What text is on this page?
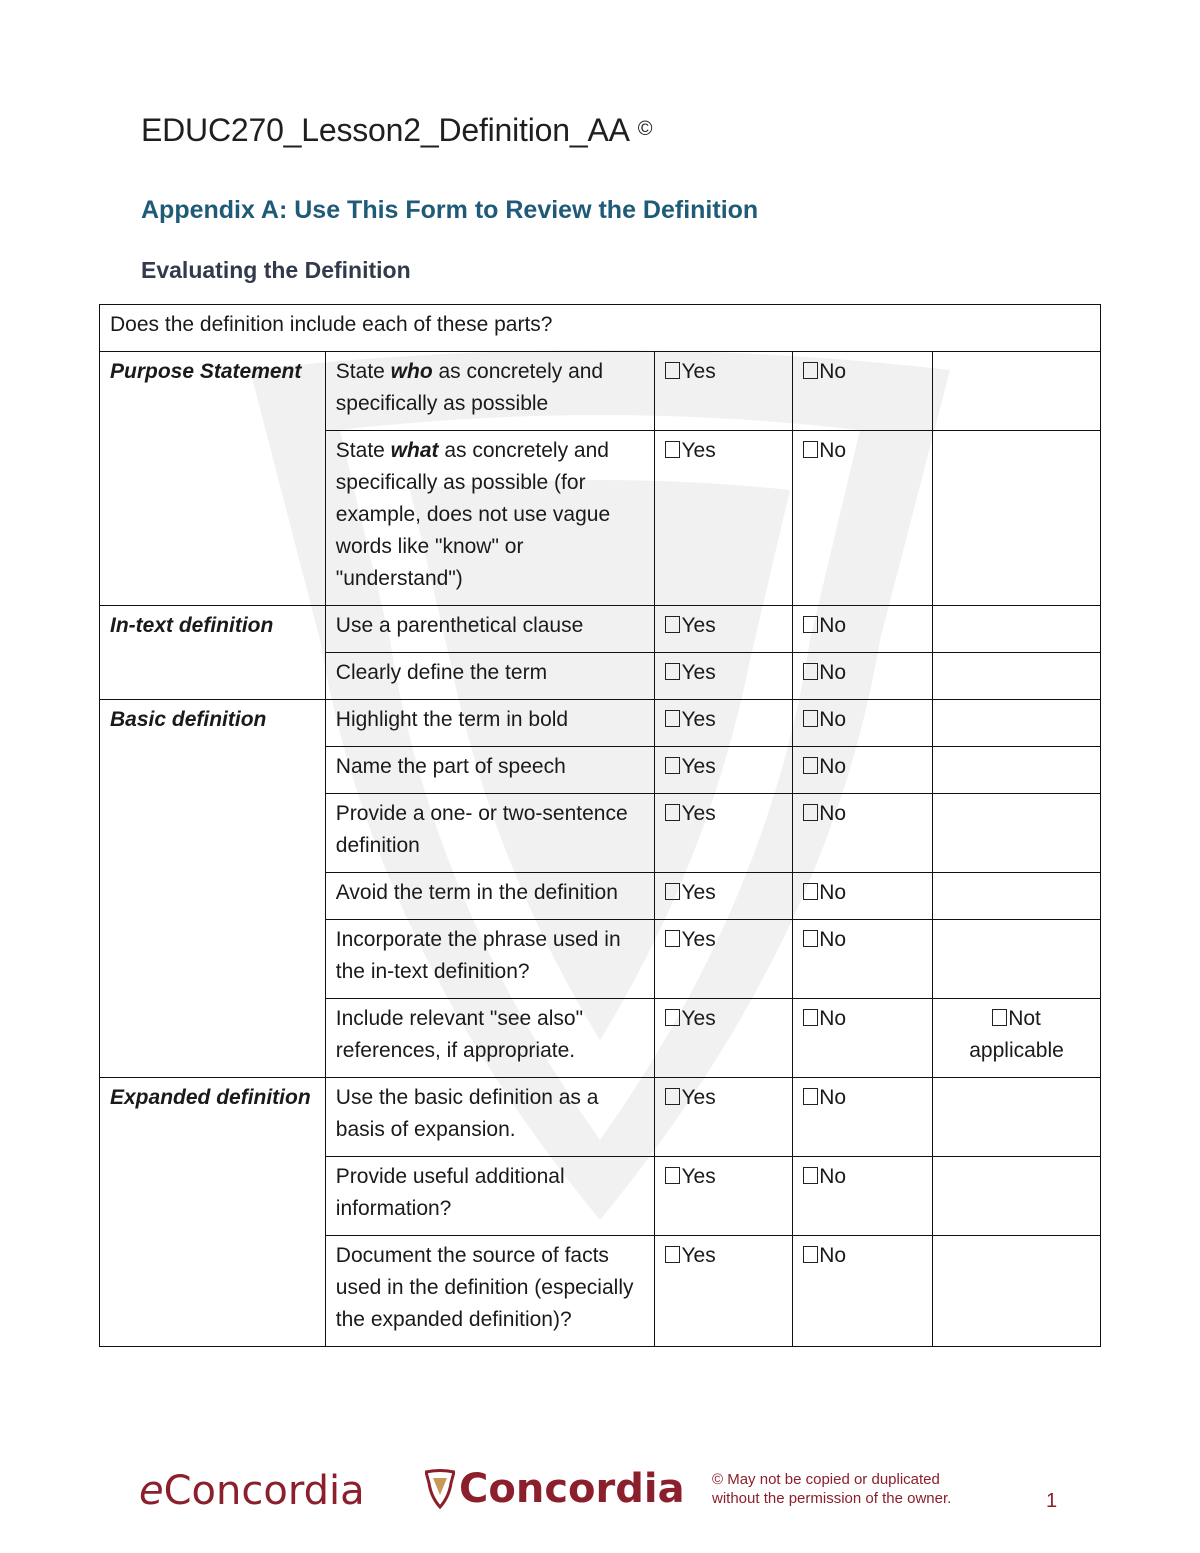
EDUC270_Lesson2_Definition_AA ©
Appendix A: Use This Form to Review the Definition
Evaluating the Definition
Does the definition include each of these parts?				
Purpose Statement	State who as concretely and specifically as possible	Yes	No	
	State what as concretely and specifically as possible (for example, does not use vague words like "know" or "understand")	Yes	No	
In-text definition	Use a parenthetical clause	Yes	No	
	Clearly define the term	Yes	No	
Basic definition	Highlight the term in bold	Yes	No	
	Name the part of speech	Yes	No	
	Provide a one- or two-sentence definition	Yes	No	
	Avoid the term in the definition	Yes	No	
	Incorporate the phrase used in the in-text definition?	Yes	No	
	Include relevant "see also" references, if appropriate.	Yes	No	Not applicable
Expanded definition	Use the basic definition as a basis of expansion.	Yes	No	
	Provide useful additional information?	Yes	No	
	Document the source of facts used in the definition (especially the expanded definition)?	Yes	No	
eConcordia Concordia © May not be copied or duplicated
without the permission of the owner.	1
